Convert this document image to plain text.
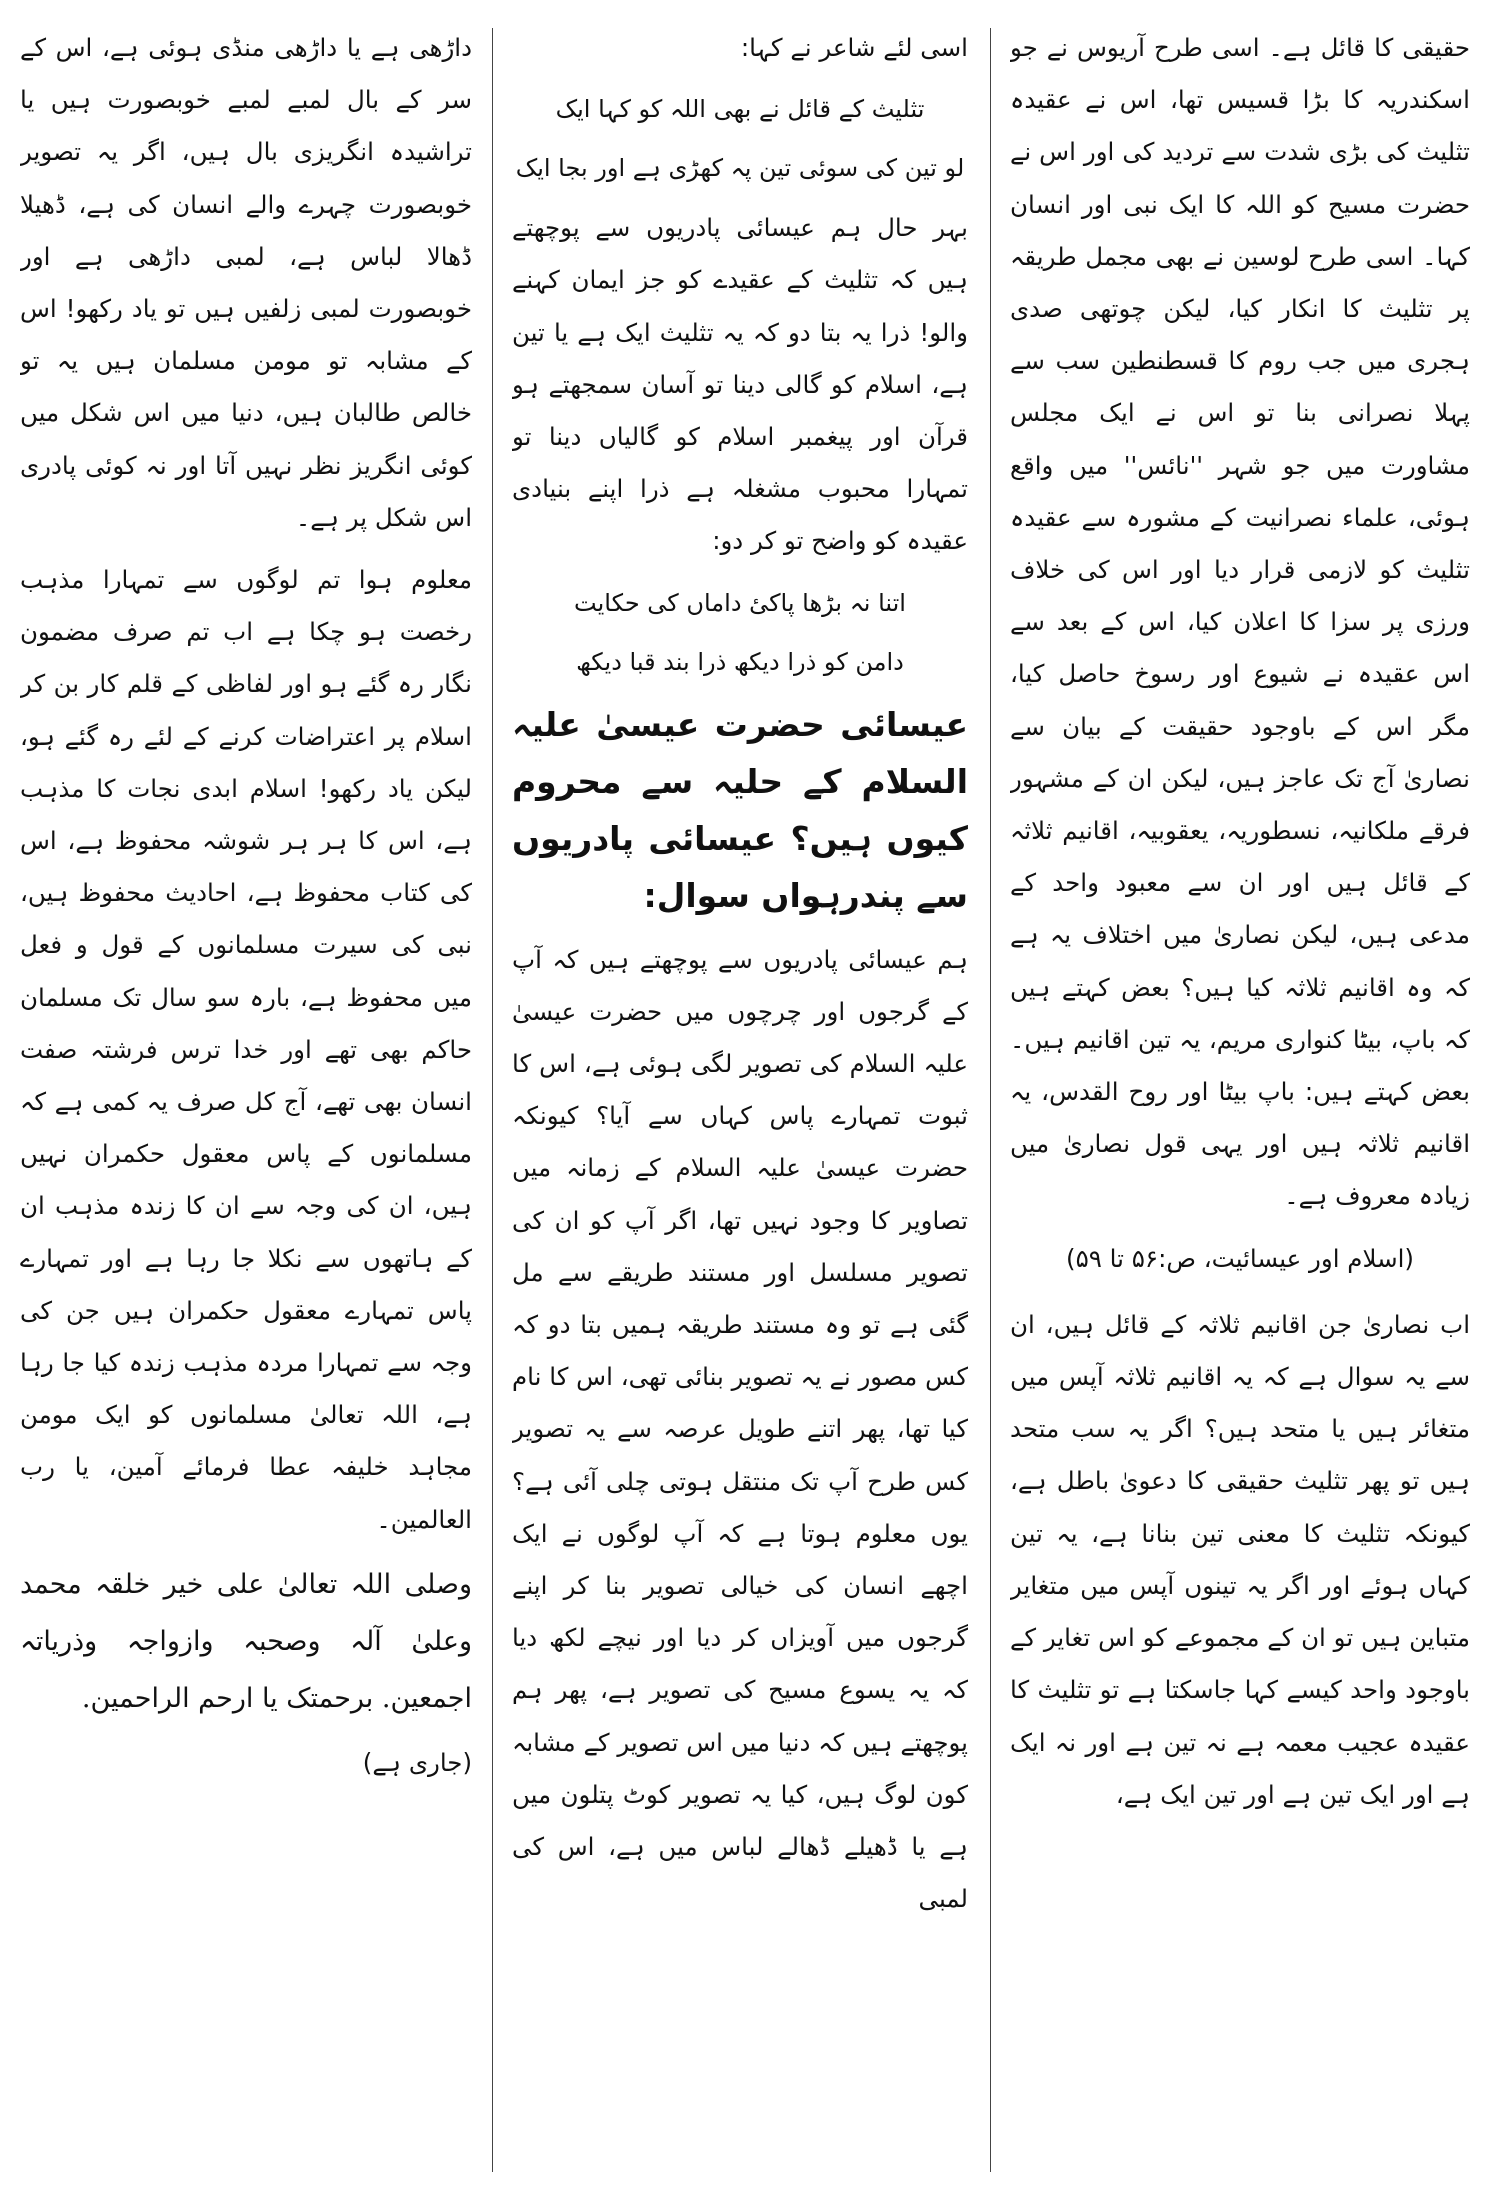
حقیقی کا قائل ہے۔ اسی طرح آریوس نے جو اسکندریہ کا بڑا قسیس تھا، اس نے عقیدہ تثلیث کی بڑی شدت سے تردید کی اور اس نے حضرت مسیح کو اللہ کا ایک نبی اور انسان کہا۔ اسی طرح لوسین نے بھی مجمل طریقہ پر تثلیث کا انکار کیا، لیکن چوتھی صدی ہجری میں جب روم کا قسطنطین سب سے پہلا نصرانی بنا تو اس نے ایک مجلس مشاورت میں جو شہر ''نائس'' میں واقع ہوئی، علماء نصرانیت کے مشورہ سے عقیدہ تثلیث کو لازمی قرار دیا اور اس کی خلاف ورزی پر سزا کا اعلان کیا، اس کے بعد سے اس عقیدہ نے شیوع اور رسوخ حاصل کیا، مگر اس کے باوجود حقیقت کے بیان سے نصاریٰ آج تک عاجز ہیں، لیکن ان کے مشہور فرقے ملکانیہ، نسطوریہ، یعقوبیہ، اقانیم ثلاثہ کے قائل ہیں اور ان سے معبود واحد کے مدعی ہیں، لیکن نصاریٰ میں اختلاف یہ ہے کہ وہ اقانیم ثلاثہ کیا ہیں؟ بعض کہتے ہیں کہ باپ، بیٹا کنواری مریم، یہ تین اقانیم ہیں۔ بعض کہتے ہیں: باپ بیٹا اور روح القدس، یہ اقانیم ثلاثہ ہیں اور یہی قول نصاریٰ میں زیادہ معروف ہے۔

(اسلام اور عیسائیت، ص:۵۶ تا ۵۹)

اب نصاریٰ جن اقانیم ثلاثہ کے قائل ہیں، ان سے یہ سوال ہے کہ یہ اقانیم ثلاثہ آپس میں متغائر ہیں یا متحد ہیں؟ اگر یہ سب متحد ہیں تو پھر تثلیث حقیقی کا دعویٰ باطل ہے، کیونکہ تثلیث کا معنی تین بنانا ہے، یہ تین کہاں ہوئے اور اگر یہ تینوں آپس میں متغایر متباین ہیں تو ان کے مجموعے کو اس تغایر کے باوجود واحد کیسے کہا جاسکتا ہے تو تثلیث کا عقیدہ عجیب معمہ ہے نہ تین ہے اور نہ ایک ہے اور ایک تین ہے اور تین ایک ہے،

اسی لئے شاعر نے کہا:

تثلیث کے قائل نے بھی اللہ کو کہا ایک

لو تین کی سوئی تین پہ کھڑی ہے اور بجا ایک

بہر حال ہم عیسائی پادریوں سے پوچھتے ہیں کہ تثلیث کے عقیدے کو جز ایمان کہنے والو! ذرا یہ بتا دو کہ یہ تثلیث ایک ہے یا تین ہے، اسلام کو گالی دینا تو آسان سمجھتے ہو قرآن اور پیغمبر اسلام کو گالیاں دینا تو تمہارا محبوب مشغلہ ہے ذرا اپنے بنیادی عقیدہ کو واضح تو کر دو:

اتنا نہ بڑھا پاکیٔ داماں کی حکایت

دامن کو ذرا دیکھ ذرا بند قبا دیکھ

عیسائی حضرت عیسیٰ علیہ السلام کے حلیہ سے محروم کیوں ہیں؟ عیسائی پادریوں سے پندرہواں سوال:

ہم عیسائی پادریوں سے پوچھتے ہیں کہ آپ کے گرجوں اور چرچوں میں حضرت عیسیٰ علیہ السلام کی تصویر لگی ہوئی ہے، اس کا ثبوت تمہارے پاس کہاں سے آیا؟ کیونکہ حضرت عیسیٰ علیہ السلام کے زمانہ میں تصاویر کا وجود نہیں تھا، اگر آپ کو ان کی تصویر مسلسل اور مستند طریقے سے مل گئی ہے تو وہ مستند طریقہ ہمیں بتا دو کہ کس مصور نے یہ تصویر بنائی تھی، اس کا نام کیا تھا، پھر اتنے طویل عرصہ سے یہ تصویر کس طرح آپ تک منتقل ہوتی چلی آئی ہے؟ یوں معلوم ہوتا ہے کہ آپ لوگوں نے ایک اچھے انسان کی خیالی تصویر بنا کر اپنے گرجوں میں آویزاں کر دیا اور نیچے لکھ دیا کہ یہ یسوع مسیح کی تصویر ہے، پھر ہم پوچھتے ہیں کہ دنیا میں اس تصویر کے مشابہ کون لوگ ہیں، کیا یہ تصویر کوٹ پتلون میں ہے یا ڈھیلے ڈھالے لباس میں ہے، اس کی لمبی

داڑھی ہے یا داڑھی منڈی ہوئی ہے، اس کے سر کے بال لمبے لمبے خوبصورت ہیں یا تراشیدہ انگریزی بال ہیں، اگر یہ تصویر خوبصورت چہرے والے انسان کی ہے، ڈھیلا ڈھالا لباس ہے، لمبی داڑھی ہے اور خوبصورت لمبی زلفیں ہیں تو یاد رکھو! اس کے مشابہ تو مومن مسلمان ہیں یہ تو خالص طالبان ہیں، دنیا میں اس شکل میں کوئی انگریز نظر نہیں آتا اور نہ کوئی پادری اس شکل پر ہے۔

معلوم ہوا تم لوگوں سے تمہارا مذہب رخصت ہو چکا ہے اب تم صرف مضمون نگار رہ گئے ہو اور لفاظی کے قلم کار بن کر اسلام پر اعتراضات کرنے کے لئے رہ گئے ہو، لیکن یاد رکھو! اسلام ابدی نجات کا مذہب ہے، اس کا ہر ہر شوشہ محفوظ ہے، اس کی کتاب محفوظ ہے، احادیث محفوظ ہیں، نبی کی سیرت مسلمانوں کے قول و فعل میں محفوظ ہے، بارہ سو سال تک مسلمان حاکم بھی تھے اور خدا ترس فرشتہ صفت انسان بھی تھے، آج کل صرف یہ کمی ہے کہ مسلمانوں کے پاس معقول حکمران نہیں ہیں، ان کی وجہ سے ان کا زندہ مذہب ان کے ہاتھوں سے نکلا جا رہا ہے اور تمہارے پاس تمہارے معقول حکمران ہیں جن کی وجہ سے تمہارا مردہ مذہب زندہ کیا جا رہا ہے، اللہ تعالیٰ مسلمانوں کو ایک مومن مجاہد خلیفہ عطا فرمائے آمین، یا رب العالمین۔

وصلی اللہ تعالیٰ علی خیر خلقہ محمد وعلیٰ آلہ وصحبہ وازواجہ وذریاتہ اجمعین. برحمتک یا ارحم الراحمین.

(جاری ہے)
